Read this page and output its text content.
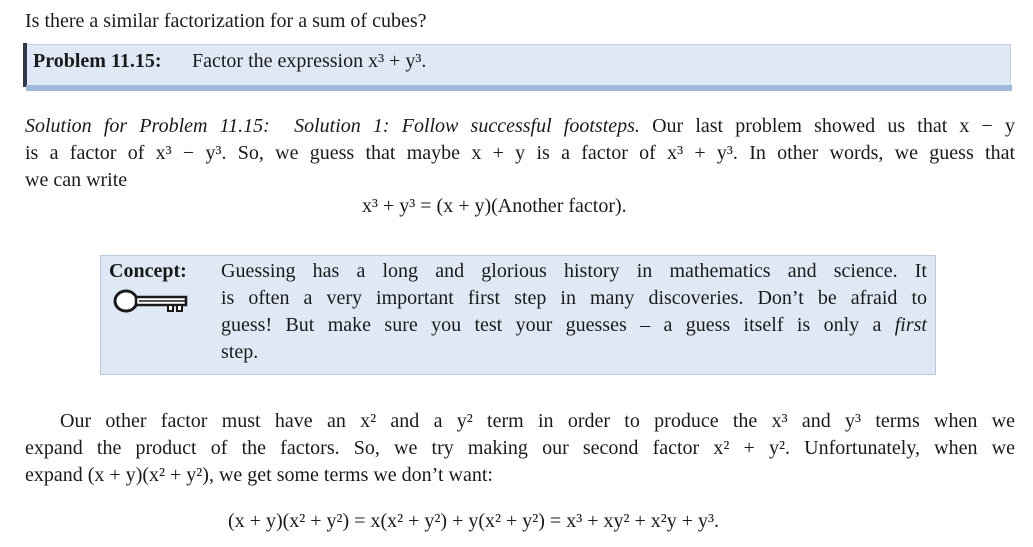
Is there a similar factorization for a sum of cubes?
Problem 11.15: Factor the expression x³ + y³.
Solution for Problem 11.15: Solution 1: Follow successful footsteps. Our last problem showed us that x − y
is a factor of x³ − y³. So, we guess that maybe x + y is a factor of x³ + y³. In other words, we guess that
we can write
x³ + y³ = (x + y)(Another factor).
Concept: Guessing has a long and glorious history in mathematics and science. It
is often a very important first step in many discoveries. Don’t be afraid to
guess! But make sure you test your guesses – a guess itself is only a first
step.
Our other factor must have an x² and a y² term in order to produce the x³ and y³ terms when we
expand the product of the factors. So, we try making our second factor x² + y². Unfortunately, when we
expand (x + y)(x² + y²), we get some terms we don’t want:
(x + y)(x² + y²) = x(x² + y²) + y(x² + y²) = x³ + xy² + x²y + y³.
